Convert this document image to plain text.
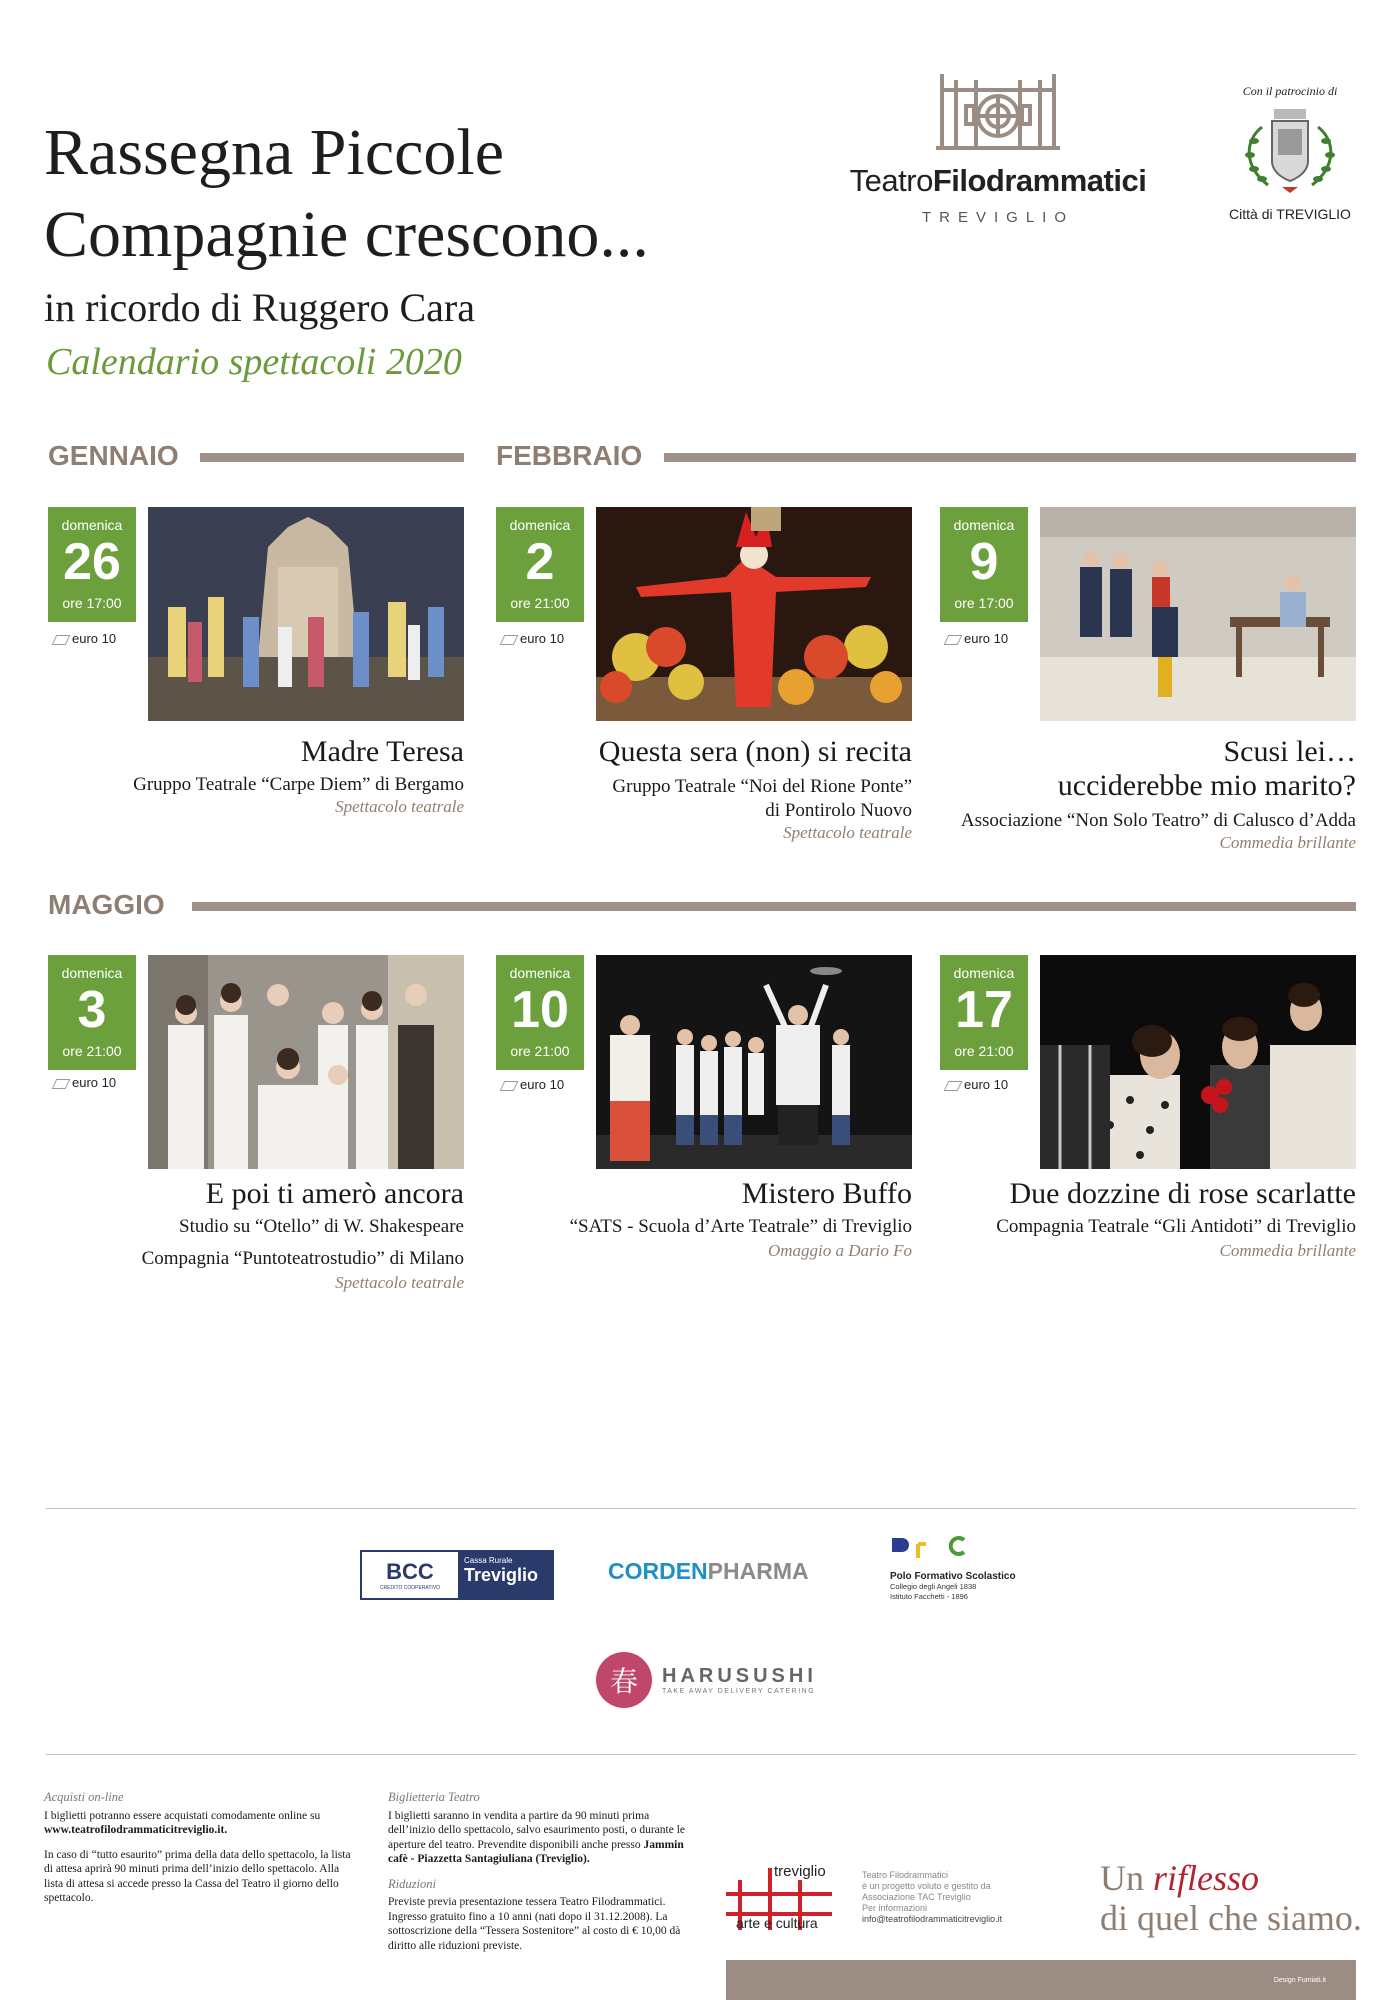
Rassegna Piccole
Compagnie crescono...
in ricordo di Ruggero Cara
Calendario spettacoli 2020
TeatroFilodrammatici
TREVIGLIO
Con il patrocinio di
Città di TREVIGLIO
GENNAIO	FEBBRAIO
MAGGIO
domenica
26
ore 17:00
euro 10
Madre Teresa
Gruppo Teatrale “Carpe Diem” di Bergamo
Spettacolo teatrale
domenica
2
ore 21:00
euro 10
Questa sera (non) si recita
Gruppo Teatrale “Noi del Rione Ponte”
di Pontirolo Nuovo
Spettacolo teatrale
domenica
9
ore 17:00
euro 10
Scusi lei…
ucciderebbe mio marito?
Associazione “Non Solo Teatro” di Calusco d’Adda
Commedia brillante
domenica
3
ore 21:00
euro 10
E poi ti amerò ancora
Studio su “Otello” di W. Shakespeare
Compagnia “Puntoteatrostudio” di Milano
Spettacolo teatrale
domenica
10
ore 21:00
euro 10
Mistero Buffo
“SATS - Scuola d’Arte Teatrale” di Treviglio
Omaggio a Dario Fo
domenica
17
ore 21:00
euro 10
Due dozzine di rose scarlatte
Compagnia Teatrale “Gli Antidoti” di Treviglio
Commedia brillante
BCC
CREDITO COOPERATIVO
Cassa Rurale
Treviglio	CORDENPHARMA	Polo Formativo Scolastico
Collegio degli Angeli 1838
Istituto Facchetti - 1896
春	HARUSUSHI
TAKE AWAY DELIVERY CATERING
Acquisti on-line

I biglietti potranno essere acquistati comodamente online su
www.teatrofilodrammaticitreviglio.it.

In caso di “tutto esaurito” prima della data dello spettacolo, la lista di attesa aprirà 90 minuti prima dell’inizio dello spettacolo. Alla lista di attesa si accede presso la Cassa del Teatro il giorno dello spettacolo.

Biglietteria Teatro

I biglietti saranno in vendita a partire da 90 minuti prima dell’inizio dello spettacolo, salvo esaurimento posti, o durante le aperture del teatro. Prevendite disponibili anche presso Jammin cafè - Piazzetta Santagiuliana (Treviglio).

Riduzioni

Previste previa presentazione tessera Teatro Filodrammatici. Ingresso gratuito fino a 10 anni (nati dopo il 31.12.2008). La sottoscrizione della “Tessera Sostenitore” al costo di € 10,00 dà diritto alle riduzioni previste.

treviglio
arte e cultura
Teatro Filodrammatici
è un progetto voluto e gestito da
Associazione TAC Treviglio
Per informazioni
info@teatrofilodrammaticitreviglio.it
Un riflesso
di quel che siamo.
Design Fumiati.it
